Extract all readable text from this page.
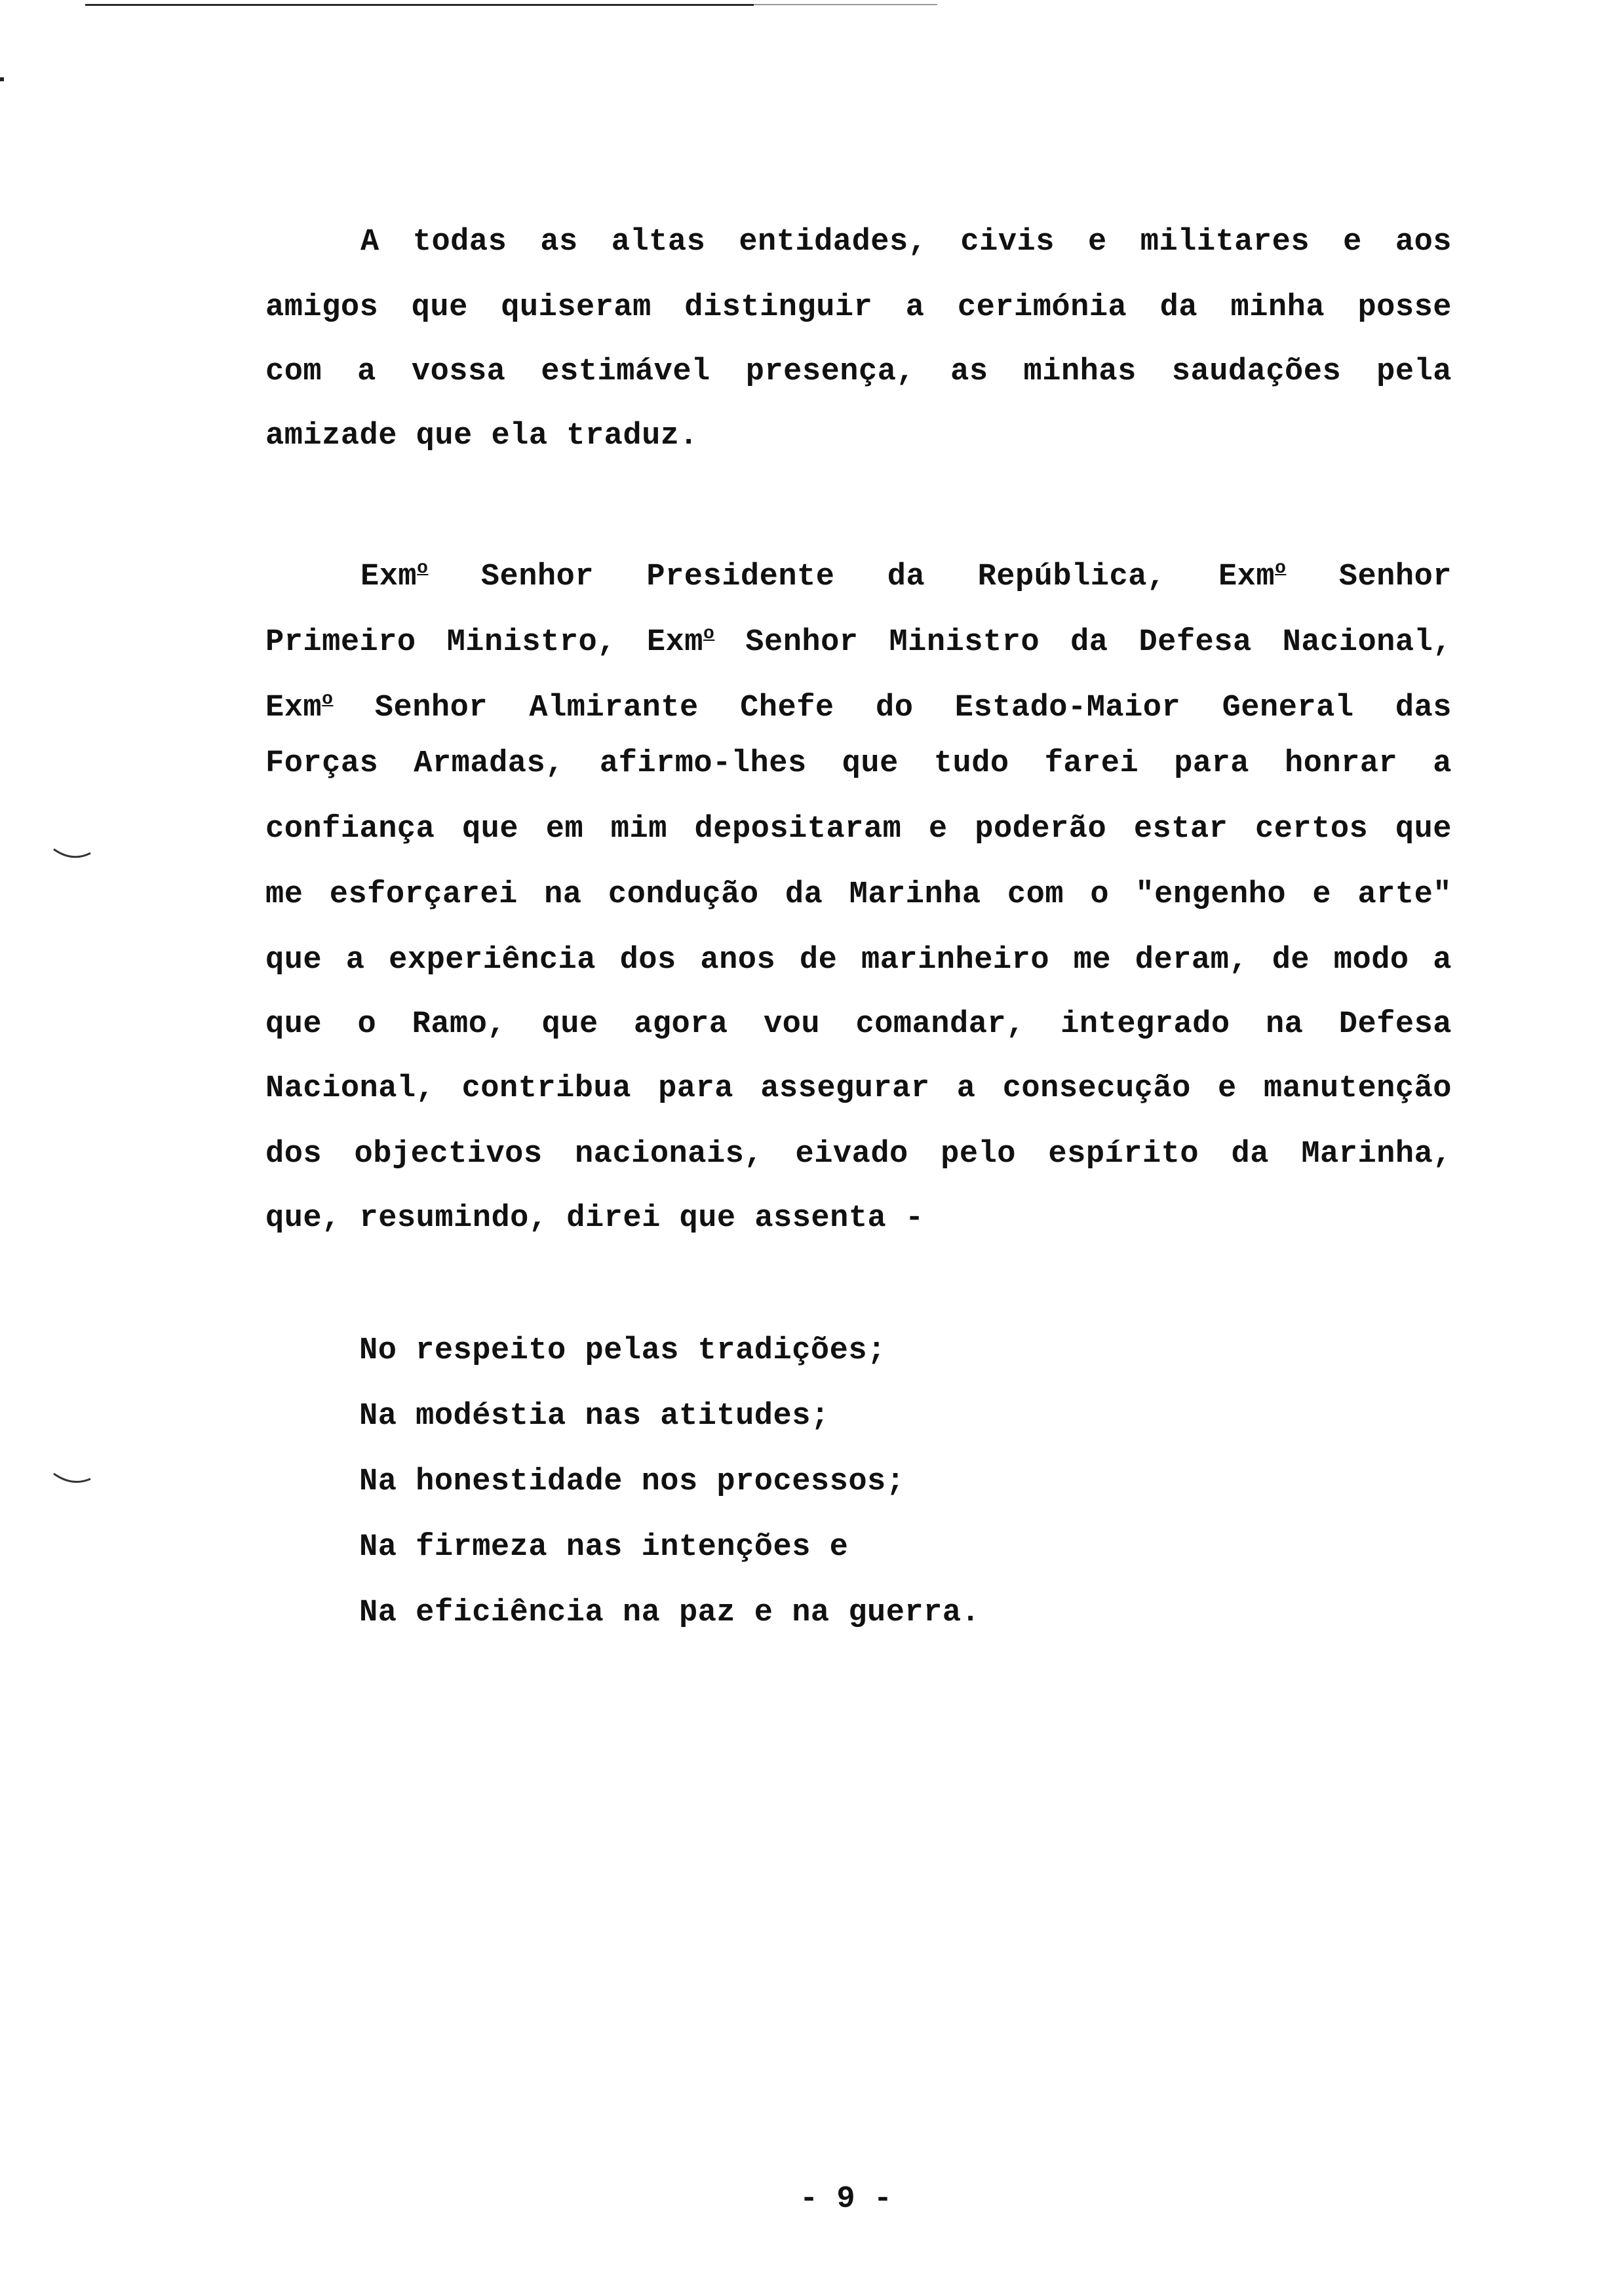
A todas as altas entidades, civis e militares e aos
amigos que quiseram distinguir a cerimónia da minha posse
com a vossa estimável presença, as minhas saudações pela
amizade que ela traduz.
Exm$^o$ Senhor Presidente da República, Exm$^o$ Senhor
Primeiro Ministro, Exm$^o$ Senhor Ministro da Defesa Nacional,
Exm$^o$ Senhor Almirante Chefe do Estado-Maior General das
Forças Armadas, afirmo-lhes que tudo farei para honrar a
confiança que em mim depositaram e poderão estar certos que
me esforçarei na condução da Marinha com o "engenho e arte"
que a experiência dos anos de marinheiro me deram, de modo a
que o Ramo, que agora vou comandar, integrado na Defesa
Nacional, contribua para assegurar a consecução e manutenção
dos objectivos nacionais, eivado pelo espírito da Marinha,
que, resumindo, direi que assenta -
No respeito pelas tradições;
Na modéstia nas atitudes;
Na honestidade nos processos;
Na firmeza nas intenções e
Na eficiência na paz e na guerra.
- 9 -
